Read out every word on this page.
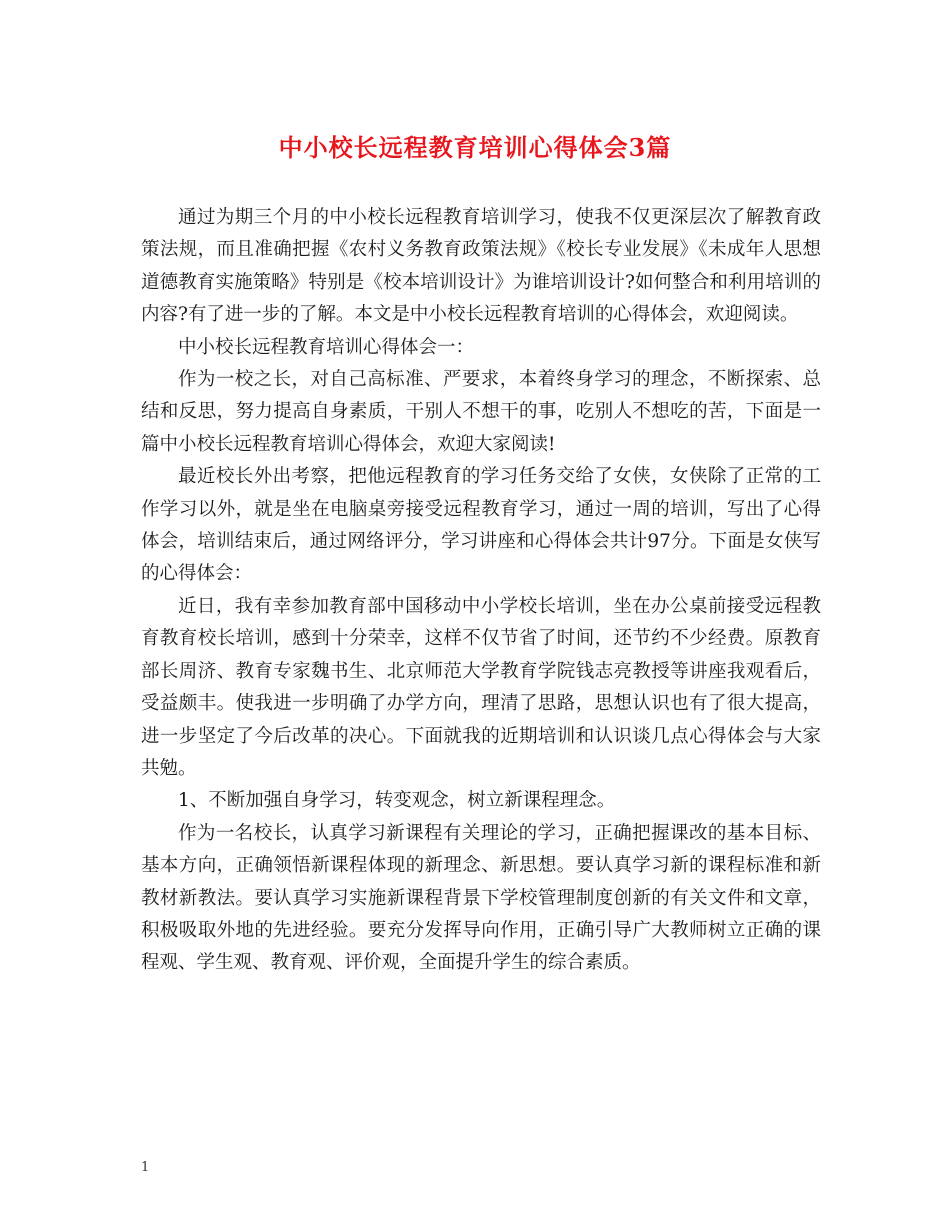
中小校长远程教育培训心得体会3篇

通过为期三个月的中小校长远程教育培训学习，使我不仅更深层次了解教育政策法规，而且准确把握《农村义务教育政策法规》《校长专业发展》《未成年人思想道德教育实施策略》特别是《校本培训设计》为谁培训设计?如何整合和利用培训的内容?有了进一步的了解。本文是中小校长远程教育培训的心得体会，欢迎阅读。

中小校长远程教育培训心得体会一：

作为一校之长，对自己高标准、严要求，本着终身学习的理念，不断探索、总结和反思，努力提高自身素质，干别人不想干的事，吃别人不想吃的苦，下面是一篇中小校长远程教育培训心得体会，欢迎大家阅读!

最近校长外出考察，把他远程教育的学习任务交给了女侠，女侠除了正常的工作学习以外，就是坐在电脑桌旁接受远程教育学习，通过一周的培训，写出了心得体会，培训结束后，通过网络评分，学习讲座和心得体会共计97分。下面是女侠写的心得体会：

近日，我有幸参加教育部中国移动中小学校长培训，坐在办公桌前接受远程教育教育校长培训，感到十分荣幸，这样不仅节省了时间，还节约不少经费。原教育部长周济、教育专家魏书生、北京师范大学教育学院钱志亮教授等讲座我观看后，受益颇丰。使我进一步明确了办学方向，理清了思路，思想认识也有了很大提高，进一步坚定了今后改革的决心。下面就我的近期培训和认识谈几点心得体会与大家共勉。

1、不断加强自身学习，转变观念，树立新课程理念。

作为一名校长，认真学习新课程有关理论的学习，正确把握课改的基本目标、基本方向，正确领悟新课程体现的新理念、新思想。要认真学习新的课程标准和新教材新教法。要认真学习实施新课程背景下学校管理制度创新的有关文件和文章，积极吸取外地的先进经验。要充分发挥导向作用，正确引导广大教师树立正确的课程观、学生观、教育观、评价观，全面提升学生的综合素质。

1
